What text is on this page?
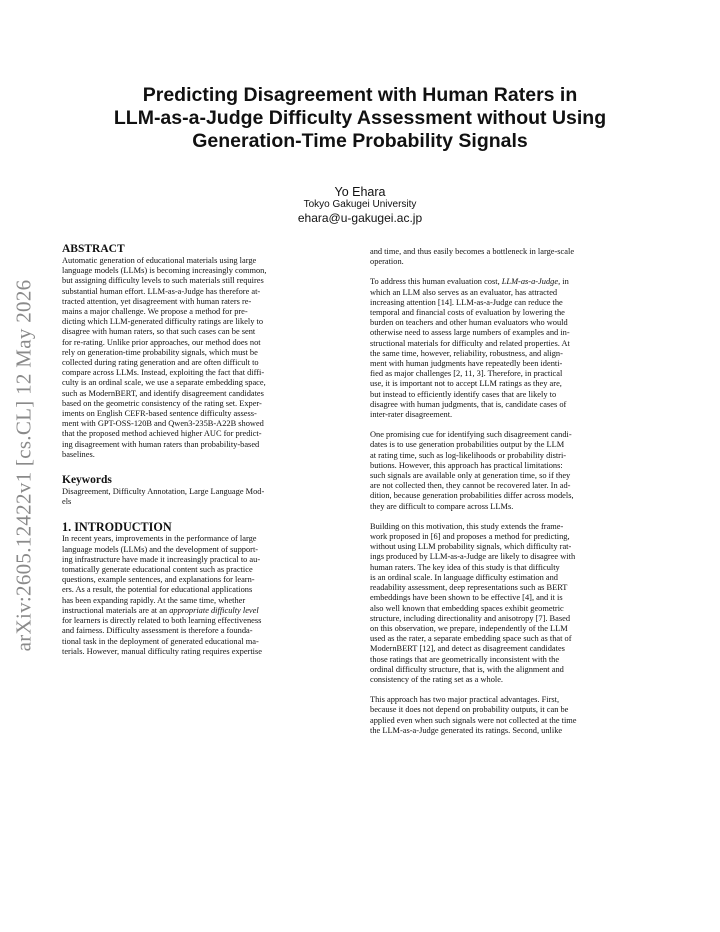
arXiv:2605.12422v1 [cs.CL] 12 May 2026
Predicting Disagreement with Human Raters in
LLM-as-a-Judge Difficulty Assessment without Using
Generation-Time Probability Signals
Yo Ehara
Tokyo Gakugei University
ehara@u-gakugei.ac.jp
ABSTRACT
Automatic generation of educational materials using large
language models (LLMs) is becoming increasingly common,
but assigning difficulty levels to such materials still requires
substantial human effort. LLM-as-a-Judge has therefore at-
tracted attention, yet disagreement with human raters re-
mains a major challenge. We propose a method for pre-
dicting which LLM-generated difficulty ratings are likely to
disagree with human raters, so that such cases can be sent
for re-rating. Unlike prior approaches, our method does not
rely on generation-time probability signals, which must be
collected during rating generation and are often difficult to
compare across LLMs. Instead, exploiting the fact that diffi-
culty is an ordinal scale, we use a separate embedding space,
such as ModernBERT, and identify disagreement candidates
based on the geometric consistency of the rating set. Exper-
iments on English CEFR-based sentence difficulty assess-
ment with GPT-OSS-120B and Qwen3-235B-A22B showed
that the proposed method achieved higher AUC for predict-
ing disagreement with human raters than probability-based
baselines.
Keywords
Disagreement, Difficulty Annotation, Large Language Mod-
els
1. INTRODUCTION
In recent years, improvements in the performance of large
language models (LLMs) and the development of support-
ing infrastructure have made it increasingly practical to au-
tomatically generate educational content such as practice
questions, example sentences, and explanations for learn-
ers. As a result, the potential for educational applications
has been expanding rapidly. At the same time, whether
instructional materials are at an appropriate difficulty level
for learners is directly related to both learning effectiveness
and fairness. Difficulty assessment is therefore a founda-
tional task in the deployment of generated educational ma-
terials. However, manual difficulty rating requires expertise
and time, and thus easily becomes a bottleneck in large-scale
operation.
To address this human evaluation cost, LLM-as-a-Judge, in
which an LLM also serves as an evaluator, has attracted
increasing attention [14]. LLM-as-a-Judge can reduce the
temporal and financial costs of evaluation by lowering the
burden on teachers and other human evaluators who would
otherwise need to assess large numbers of examples and in-
structional materials for difficulty and related properties. At
the same time, however, reliability, robustness, and align-
ment with human judgments have repeatedly been identi-
fied as major challenges [2, 11, 3]. Therefore, in practical
use, it is important not to accept LLM ratings as they are,
but instead to efficiently identify cases that are likely to
disagree with human judgments, that is, candidate cases of
inter-rater disagreement.
One promising cue for identifying such disagreement candi-
dates is to use generation probabilities output by the LLM
at rating time, such as log-likelihoods or probability distri-
butions. However, this approach has practical limitations:
such signals are available only at generation time, so if they
are not collected then, they cannot be recovered later. In ad-
dition, because generation probabilities differ across models,
they are difficult to compare across LLMs.
Building on this motivation, this study extends the frame-
work proposed in [6] and proposes a method for predicting,
without using LLM probability signals, which difficulty rat-
ings produced by LLM-as-a-Judge are likely to disagree with
human raters. The key idea of this study is that difficulty
is an ordinal scale. In language difficulty estimation and
readability assessment, deep representations such as BERT
embeddings have been shown to be effective [4], and it is
also well known that embedding spaces exhibit geometric
structure, including directionality and anisotropy [7]. Based
on this observation, we prepare, independently of the LLM
used as the rater, a separate embedding space such as that of
ModernBERT [12], and detect as disagreement candidates
those ratings that are geometrically inconsistent with the
ordinal difficulty structure, that is, with the alignment and
consistency of the rating set as a whole.
This approach has two major practical advantages. First,
because it does not depend on probability outputs, it can be
applied even when such signals were not collected at the time
the LLM-as-a-Judge generated its ratings. Second, unlike
